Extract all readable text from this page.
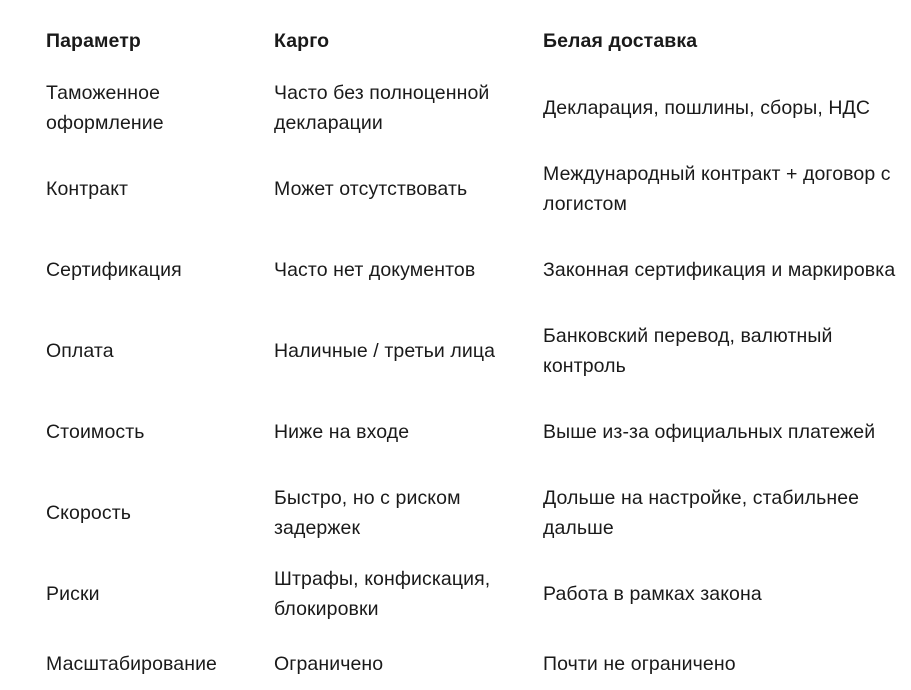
Параметр	Карго	Белая доставка
Таможенное оформление	Часто без полноценной декларации	Декларация, пошлины, сборы, НДС
Контракт	Может отсутствовать	Международный контракт + договор с логистом
Сертификация	Часто нет документов	Законная сертификация и маркировка
Оплата	Наличные / третьи лица	Банковский перевод, валютный контроль
Стоимость	Ниже на входе	Выше из-за официальных платежей
Скорость	Быстро, но с риском задержек	Дольше на настройке, стабильнее дальше
Риски	Штрафы, конфискация, блокировки	Работа в рамках закона
Масштабирование	Ограничено	Почти не ограничено
